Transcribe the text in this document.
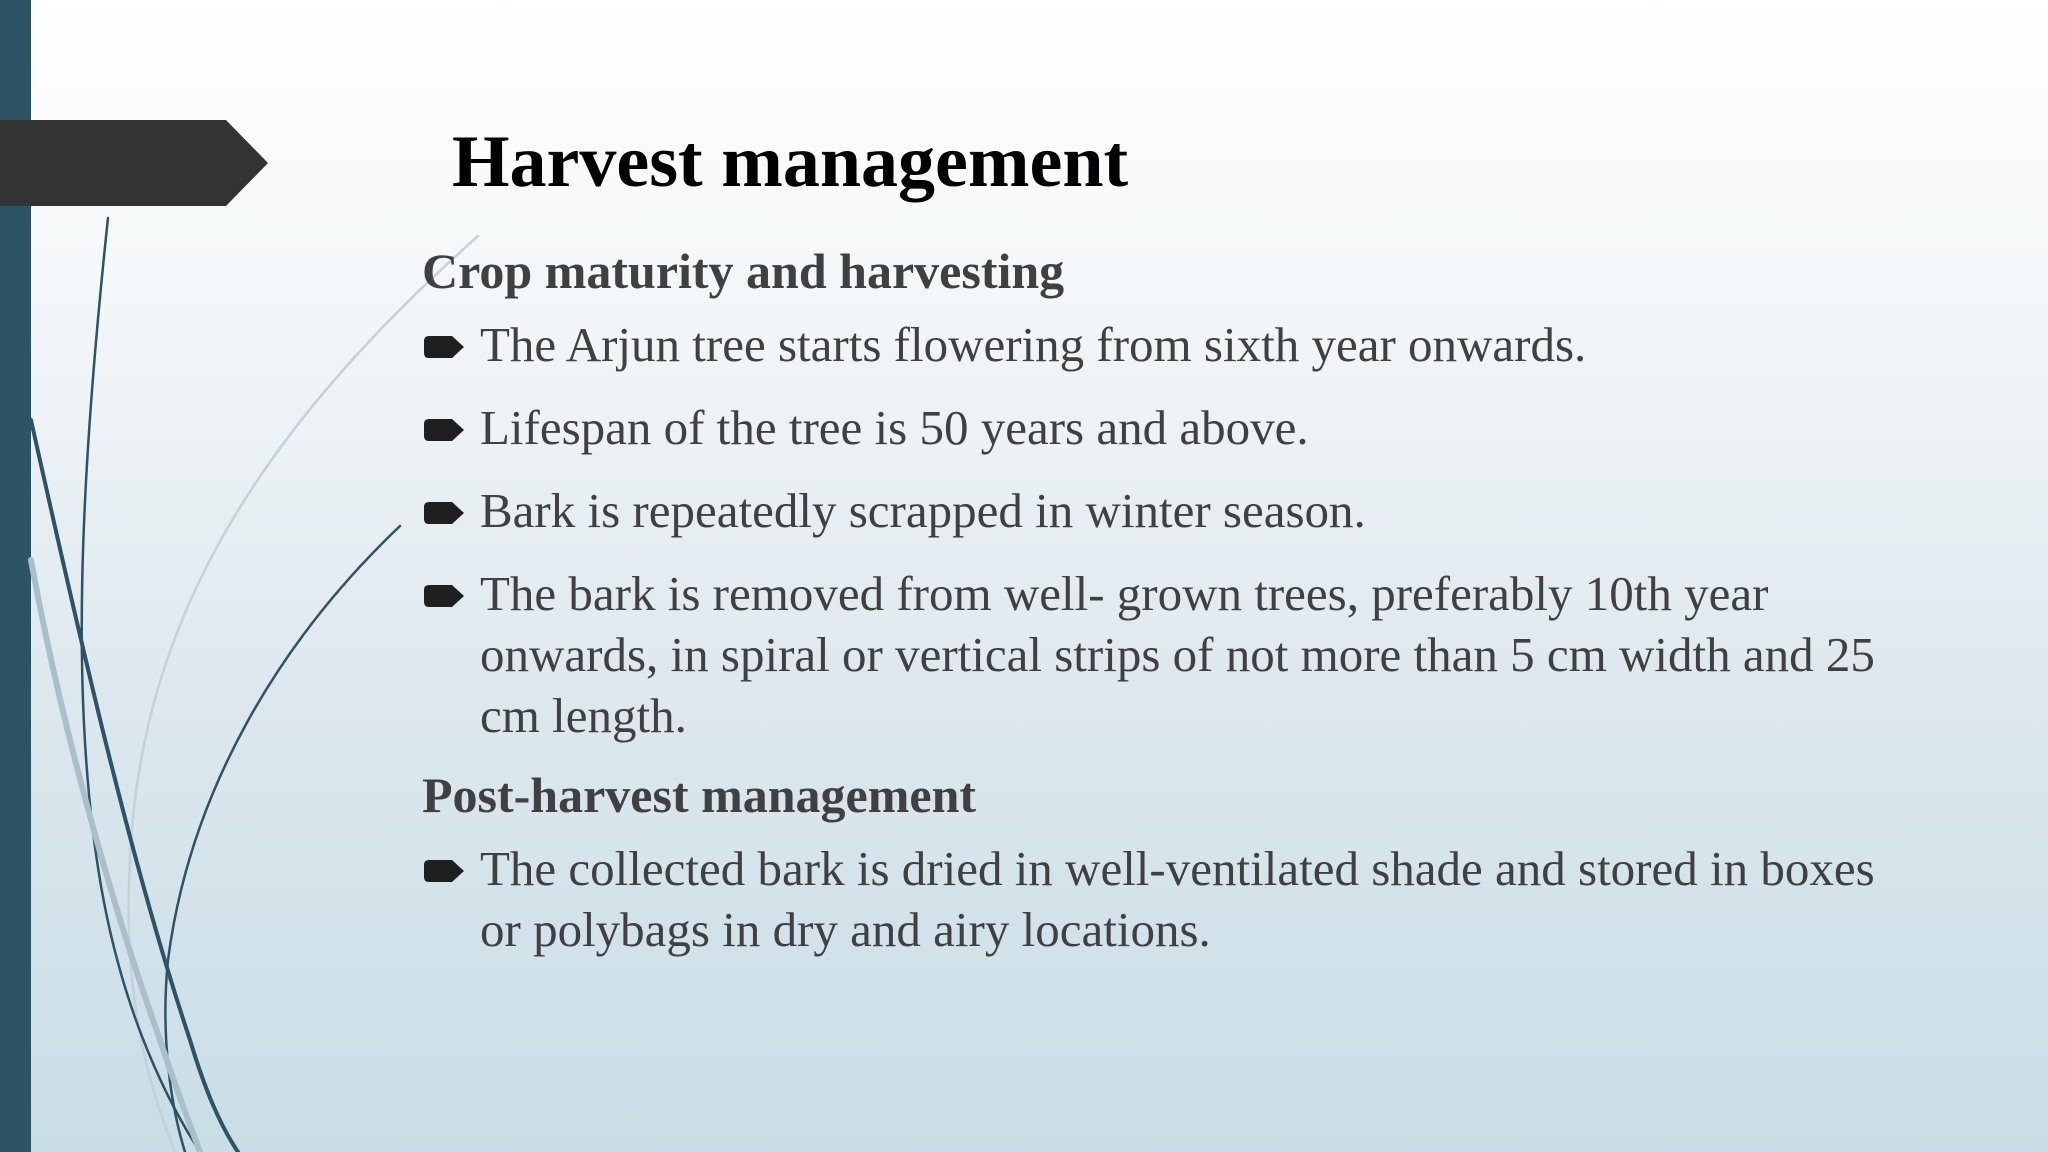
Harvest management
Crop maturity and harvesting
The Arjun tree starts flowering from sixth year onwards.
Lifespan of the tree is 50 years and above.
Bark is repeatedly scrapped in winter season.
The bark is removed from well- grown trees, preferably 10th year onwards, in spiral or vertical strips of not more than 5 cm width and 25 cm length.
Post-harvest management
The collected bark is dried in well-ventilated shade and stored in boxes or polybags in dry and airy locations.
